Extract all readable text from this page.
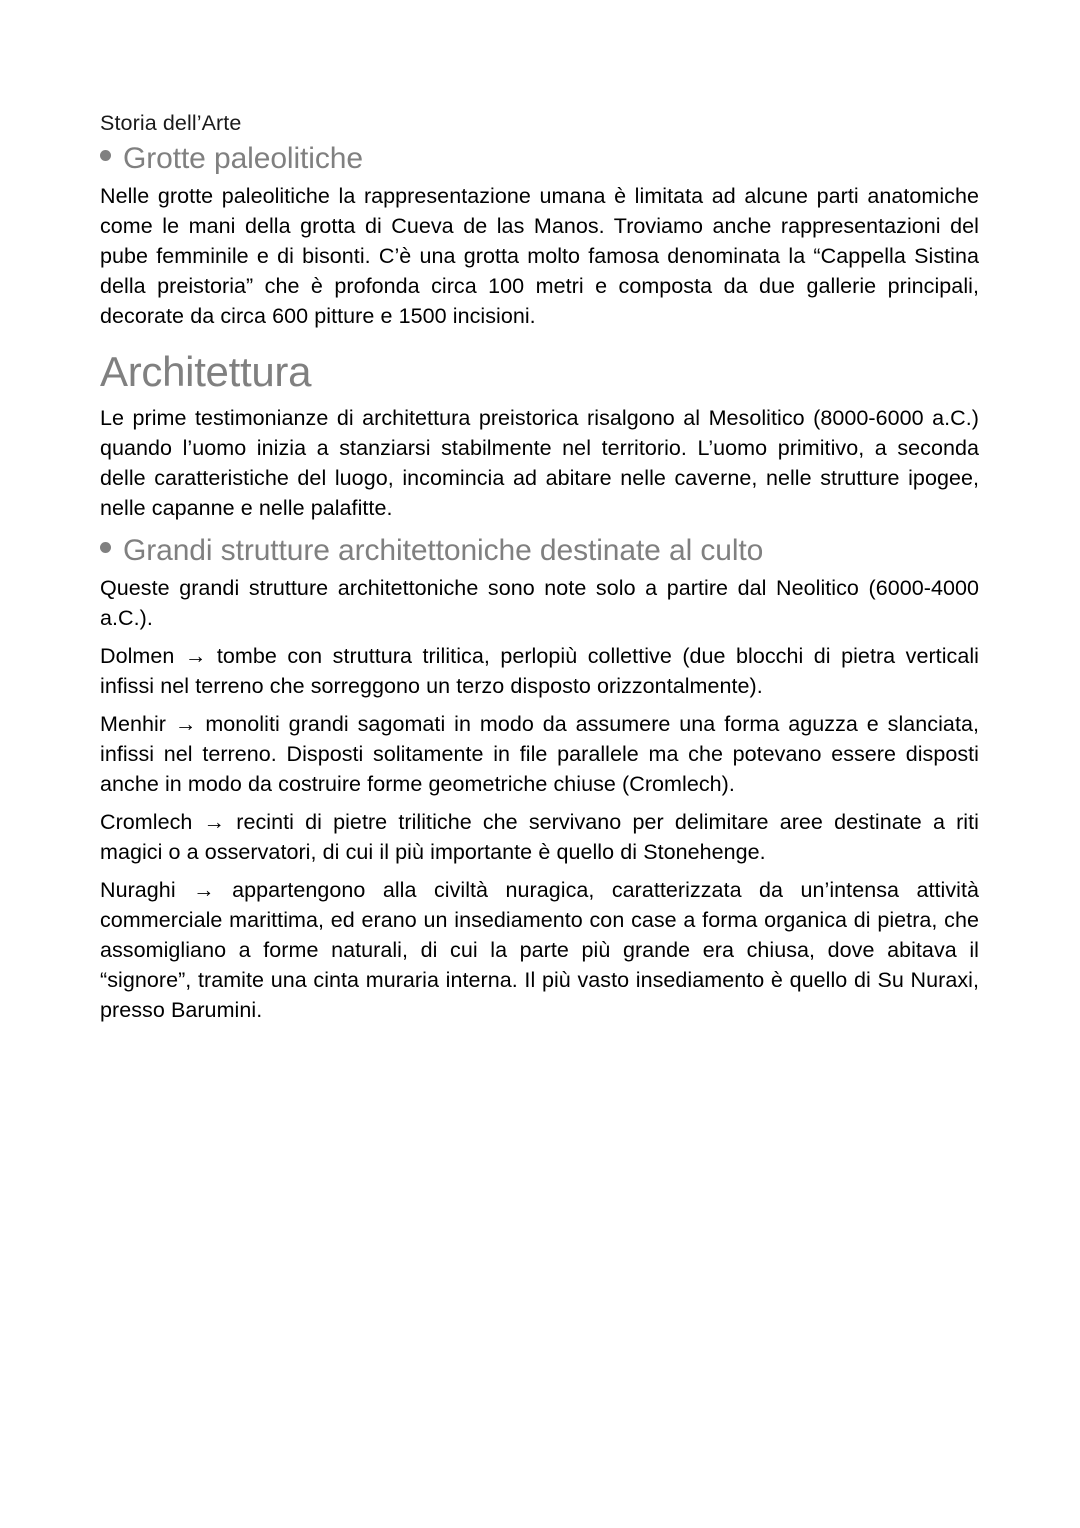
Storia dell’Arte
Grotte paleolitiche

Nelle grotte paleolitiche la rappresentazione umana è limitata ad alcune parti anatomiche come le mani della grotta di Cueva de las Manos. Troviamo anche rappresentazioni del pube femminile e di bisonti. C’è una grotta molto famosa denominata la “Cappella Sistina della preistoria” che è profonda circa 100 metri e composta da due gallerie principali, decorate da circa 600 pitture e 1500 incisioni.

Architettura

Le prime testimonianze di architettura preistorica risalgono al Mesolitico (8000-6000 a.C.) quando l’uomo inizia a stanziarsi stabilmente nel territorio. L’uomo primitivo, a seconda delle caratteristiche del luogo, incomincia ad abitare nelle caverne, nelle strutture ipogee, nelle capanne e nelle palafitte.

Grandi strutture architettoniche destinate al culto

Queste grandi strutture architettoniche sono note solo a partire dal Neolitico (6000-4000 a.C.).

Dolmen → tombe con struttura trilitica, perlopiù collettive (due blocchi di pietra verticali infissi nel terreno che sorreggono un terzo disposto orizzontalmente).

Menhir → monoliti grandi sagomati in modo da assumere una forma aguzza e slanciata, infissi nel terreno. Disposti solitamente in file parallele ma che potevano essere disposti anche in modo da costruire forme geometriche chiuse (Cromlech).

Cromlech → recinti di pietre trilitiche che servivano per delimitare aree destinate a riti magici o a osservatori, di cui il più importante è quello di Stonehenge.

Nuraghi → appartengono alla civiltà nuragica, caratterizzata da un’intensa attività commerciale marittima, ed erano un insediamento con case a forma organica di pietra, che assomigliano a forme naturali, di cui la parte più grande era chiusa, dove abitava il “signore”, tramite una cinta muraria interna. Il più vasto insediamento è quello di Su Nuraxi, presso Barumini.
